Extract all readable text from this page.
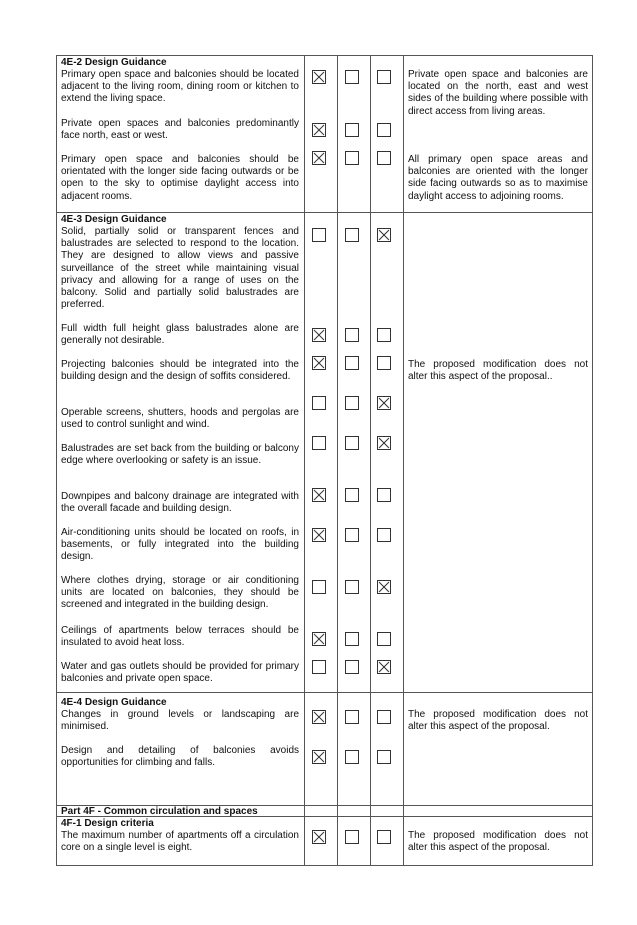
4E-2 Design Guidance
Primary open space and balconies should be located adjacent to the living room, dining room or kitchen to extend the living space.
Private open space and balconies are located on the north, east and west sides of the building where possible with direct access from living areas.
Private open spaces and balconies predominantly face north, east or west.
Primary open space and balconies should be orientated with the longer side facing outwards or be open to the sky to optimise daylight access into adjacent rooms.
All primary open space areas and balconies are oriented with the longer side facing outwards so as to maximise daylight access to adjoining rooms.
4E-3 Design Guidance
Solid, partially solid or transparent fences and balustrades are selected to respond to the location. They are designed to allow views and passive surveillance of the street while maintaining visual privacy and allowing for a range of uses on the balcony. Solid and partially solid balustrades are preferred.
Full width full height glass balustrades alone are generally not desirable.
Projecting balconies should be integrated into the building design and the design of soffits considered.
The proposed modification does not alter this aspect of the proposal..
Operable screens, shutters, hoods and pergolas are used to control sunlight and wind.
Balustrades are set back from the building or balcony edge where overlooking or safety is an issue.
Downpipes and balcony drainage are integrated with the overall facade and building design.
Air-conditioning units should be located on roofs, in basements, or fully integrated into the building design.
Where clothes drying, storage or air conditioning units are located on balconies, they should be screened and integrated in the building design.
Ceilings of apartments below terraces should be insulated to avoid heat loss.
Water and gas outlets should be provided for primary balconies and private open space.
4E-4 Design Guidance
Changes in ground levels or landscaping are minimised.
The proposed modification does not alter this aspect of the proposal.
Design and detailing of balconies avoids opportunities for climbing and falls.
Part 4F - Common circulation and spaces
4F-1 Design criteria
The maximum number of apartments off a circulation core on a single level is eight.
The proposed modification does not alter this aspect of the proposal.
